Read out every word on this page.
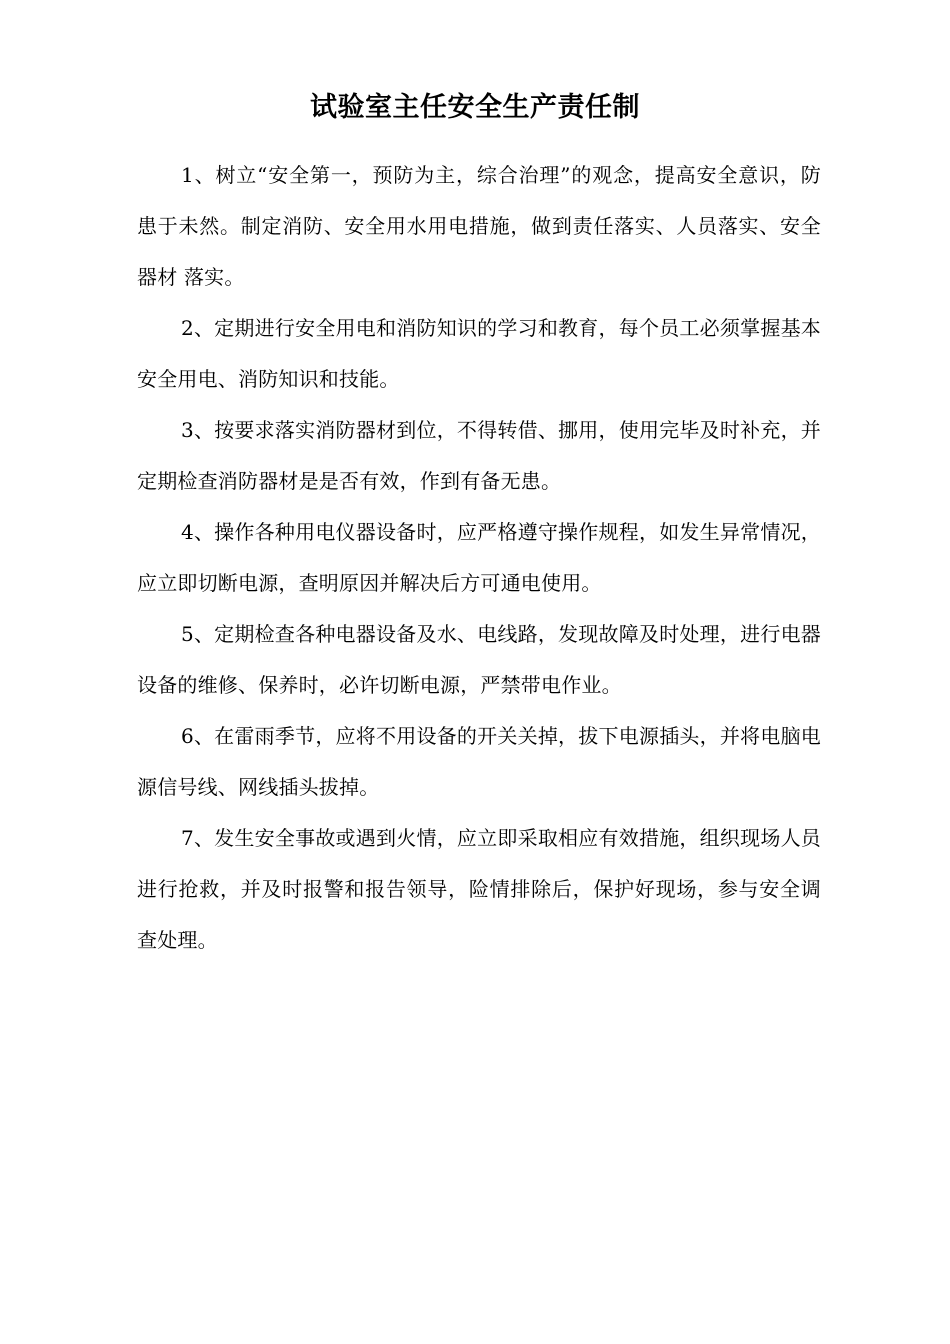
试验室主任安全生产责任制

1、树立“安全第一，预防为主，综合治理”的观念，提高安全意识，防 患于未然。制定消防、安全用水用电措施，做到责任落实、人员落实、安全器材 落实。

2、定期进行安全用电和消防知识的学习和教育，每个员工必须掌握基本 安全用电、消防知识和技能。

3、按要求落实消防器材到位，不得转借、挪用，使用完毕及时补充，并 定期检查消防器材是是否有效，作到有备无患。

4、操作各种用电仪器设备时，应严格遵守操作规程，如发生异常情况， 应立即切断电源，查明原因并解决后方可通电使用。

5、定期检查各种电器设备及水、电线路，发现故障及时处理，进行电器 设备的维修、保养时，必许切断电源，严禁带电作业。

6、在雷雨季节，应将不用设备的开关关掉，拔下电源插头，并将电脑电 源信号线、网线插头拔掉。

7、发生安全事故或遇到火情，应立即采取相应有效措施，组织现场人员 进行抢救，并及时报警和报告领导，险情排除后，保护好现场，参与安全调查处理。
